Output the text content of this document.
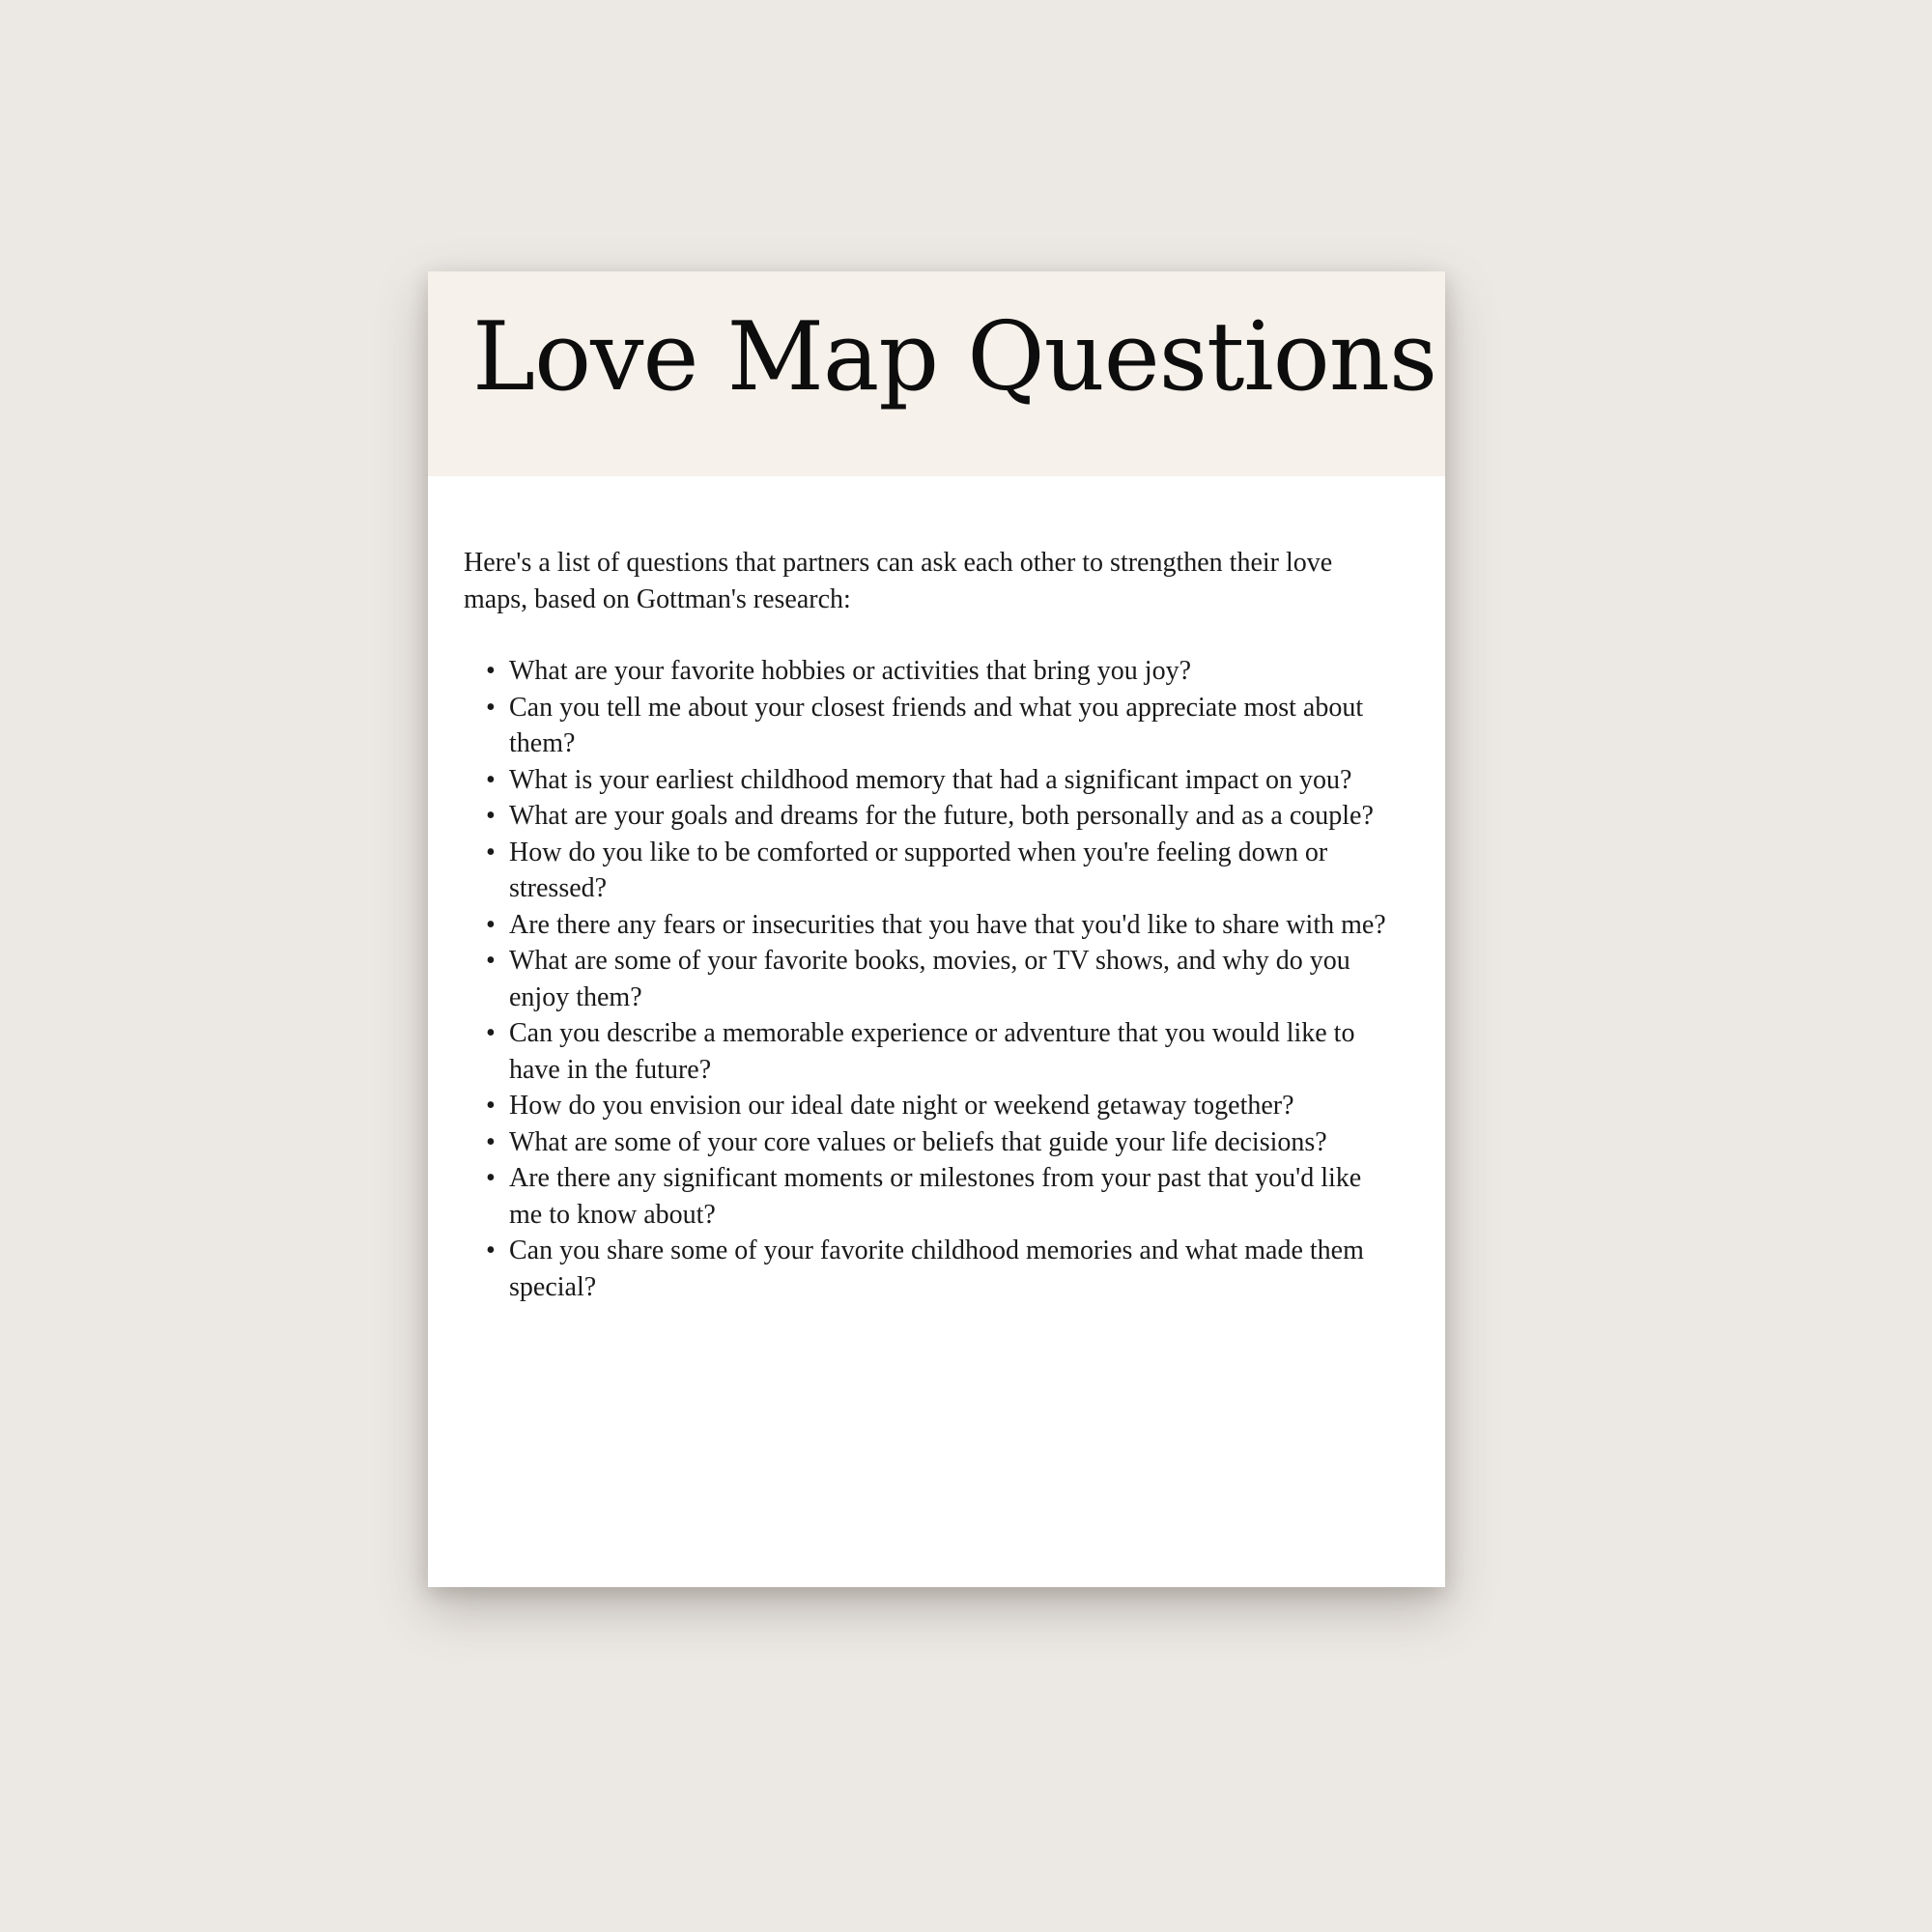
Love Map Questions

Here's a list of questions that partners can ask each other to strengthen their love maps, based on Gottman's research:

• What are your favorite hobbies or activities that bring you joy?
• Can you tell me about your closest friends and what you appreciate most about them?
• What is your earliest childhood memory that had a significant impact on you?
• What are your goals and dreams for the future, both personally and as a couple?
• How do you like to be comforted or supported when you're feeling down or stressed?
• Are there any fears or insecurities that you have that you'd like to share with me?
• What are some of your favorite books, movies, or TV shows, and why do you enjoy them?
• Can you describe a memorable experience or adventure that you would like to have in the future?
• How do you envision our ideal date night or weekend getaway together?
• What are some of your core values or beliefs that guide your life decisions?
• Are there any significant moments or milestones from your past that you'd like me to know about?
• Can you share some of your favorite childhood memories and what made them special?
